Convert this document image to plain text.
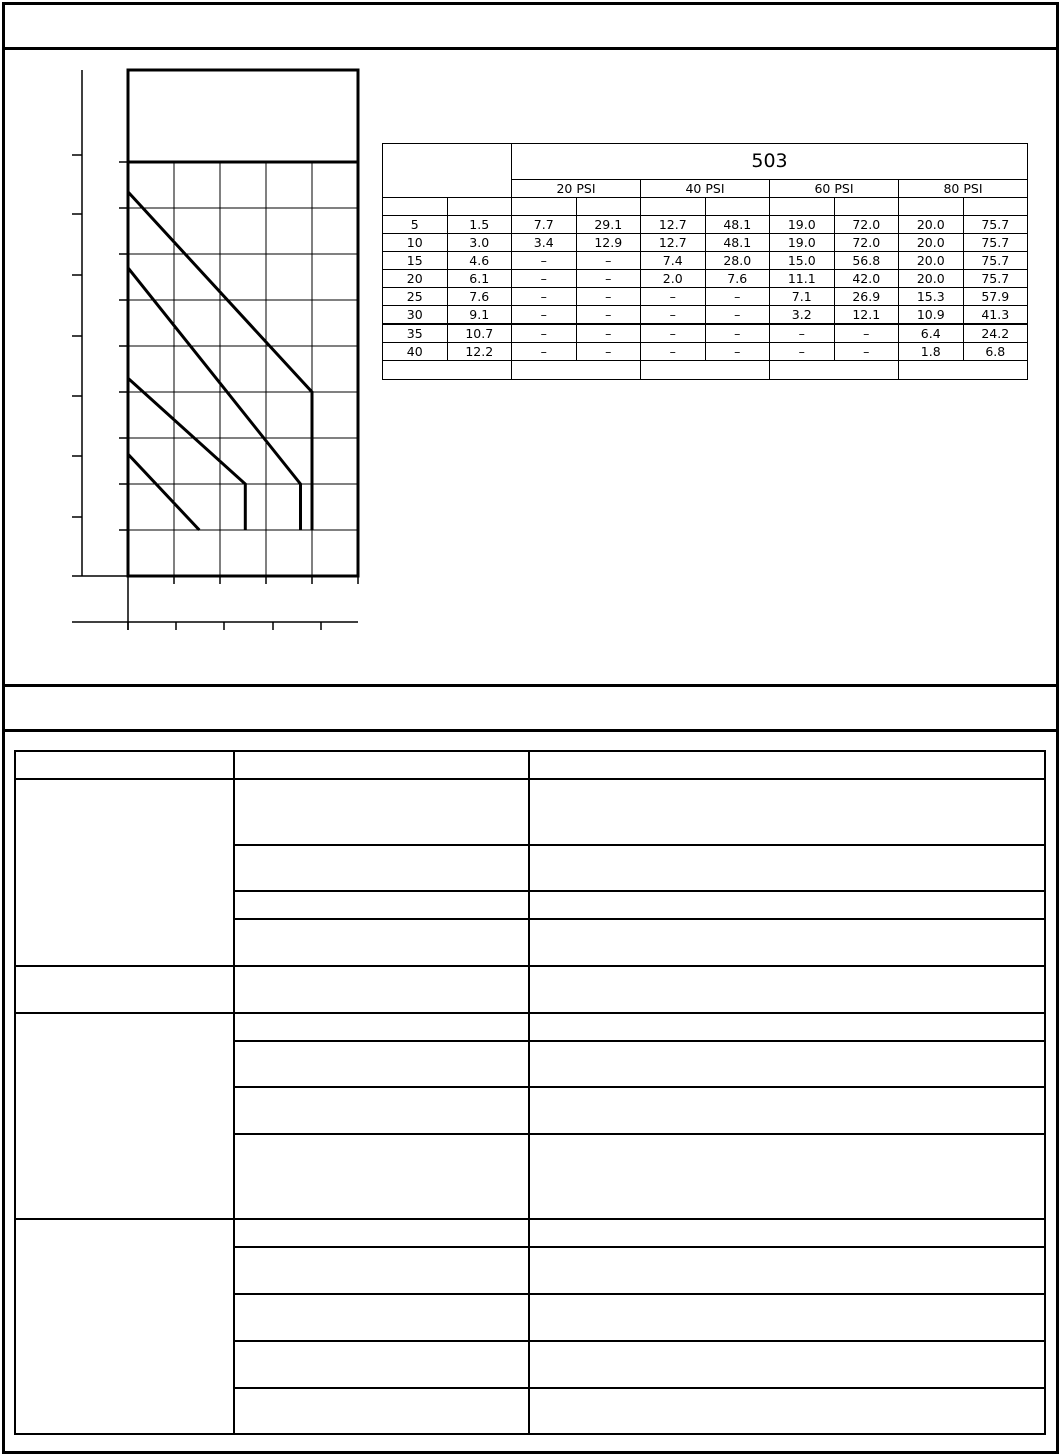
		503							
		20 PSI		40 PSI		60 PSI		80 PSI	

5	1.5	7.7	29.1	12.7	48.1	19.0	72.0	20.0	75.7
10	3.0	3.4	12.9	12.7	48.1	19.0	72.0	20.0	75.7
15	4.6	–	–	7.4	28.0	15.0	56.8	20.0	75.7
20	6.1	–	–	2.0	7.6	11.1	42.0	20.0	75.7
25	7.6	–	–	–	–	7.1	26.9	15.3	57.9
30	9.1	–	–	–	–	3.2	12.1	10.9	41.3
35	10.7	–	–	–	–	–	–	6.4	24.2
40	12.2	–	–	–	–	–	–	1.8	6.8
